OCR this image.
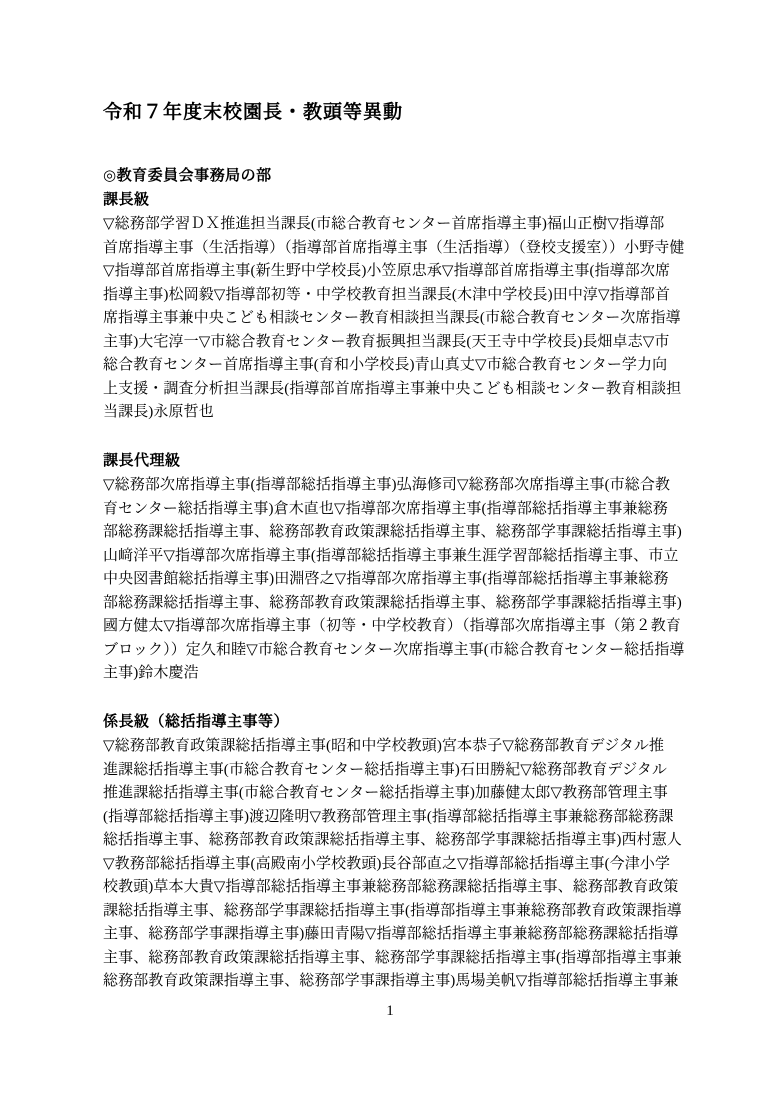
令和７年度末校園長・教頭等異動
◎教育委員会事務局の部
課長級
▽総務部学習ＤＸ推進担当課長(市総合教育センター首席指導主事)福山正樹▽指導部
首席指導主事（生活指導）（指導部首席指導主事（生活指導）（登校支援室））小野寺健
▽指導部首席指導主事(新生野中学校長)小笠原忠承▽指導部首席指導主事(指導部次席
指導主事)松岡毅▽指導部初等・中学校教育担当課長(木津中学校長)田中淳▽指導部首
席指導主事兼中央こども相談センター教育相談担当課長(市総合教育センター次席指導
主事)大宅淳一▽市総合教育センター教育振興担当課長(天王寺中学校長)長畑卓志▽市
総合教育センター首席指導主事(育和小学校長)青山真丈▽市総合教育センター学力向
上支援・調査分析担当課長(指導部首席指導主事兼中央こども相談センター教育相談担
当課長)永原哲也
課長代理級
▽総務部次席指導主事(指導部総括指導主事)弘海修司▽総務部次席指導主事(市総合教
育センター総括指導主事)倉木直也▽指導部次席指導主事(指導部総括指導主事兼総務
部総務課総括指導主事、総務部教育政策課総括指導主事、総務部学事課総括指導主事)
山﨑洋平▽指導部次席指導主事(指導部総括指導主事兼生涯学習部総括指導主事、市立
中央図書館総括指導主事)田淵啓之▽指導部次席指導主事(指導部総括指導主事兼総務
部総務課総括指導主事、総務部教育政策課総括指導主事、総務部学事課総括指導主事)
國方健太▽指導部次席指導主事（初等・中学校教育）（指導部次席指導主事（第２教育
ブロック））定久和睦▽市総合教育センター次席指導主事(市総合教育センター総括指導
主事)鈴木慶浩
係長級（総括指導主事等）
▽総務部教育政策課総括指導主事(昭和中学校教頭)宮本恭子▽総務部教育デジタル推
進課総括指導主事(市総合教育センター総括指導主事)石田勝紀▽総務部教育デジタル
推進課総括指導主事(市総合教育センター総括指導主事)加藤健太郎▽教務部管理主事
(指導部総括指導主事)渡辺隆明▽教務部管理主事(指導部総括指導主事兼総務部総務課
総括指導主事、総務部教育政策課総括指導主事、総務部学事課総括指導主事)西村憲人
▽教務部総括指導主事(高殿南小学校教頭)長谷部直之▽指導部総括指導主事(今津小学
校教頭)草本大貴▽指導部総括指導主事兼総務部総務課総括指導主事、総務部教育政策
課総括指導主事、総務部学事課総括指導主事(指導部指導主事兼総務部教育政策課指導
主事、総務部学事課指導主事)藤田青陽▽指導部総括指導主事兼総務部総務課総括指導
主事、総務部教育政策課総括指導主事、総務部学事課総括指導主事(指導部指導主事兼
総務部教育政策課指導主事、総務部学事課指導主事)馬場美帆▽指導部総括指導主事兼
1
